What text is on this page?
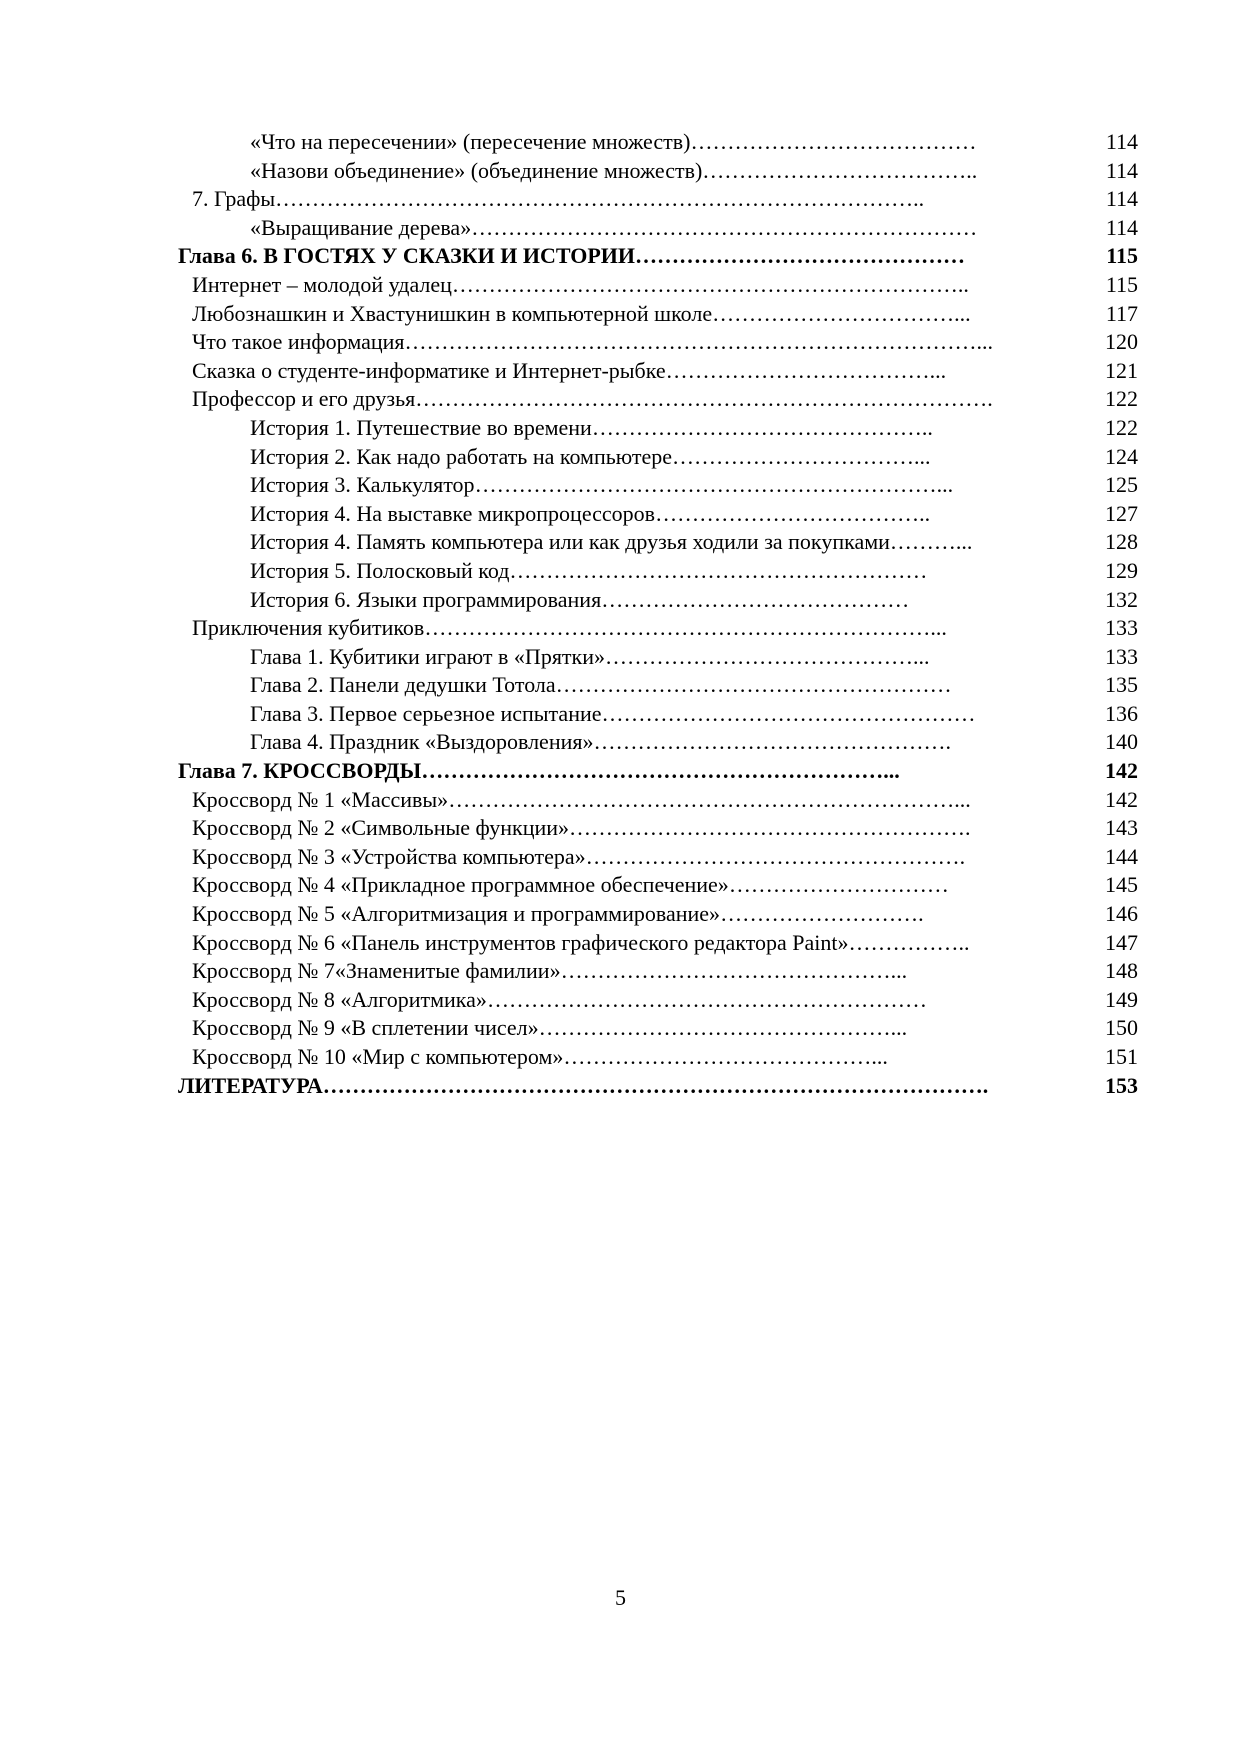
«Что на пересечении» (пересечение множеств)…………………………………	114
«Назови объединение» (объединение множеств)………………………………..	114
7. Графы……………………………………………………………………………..	114
«Выращивание дерева»……………………………………………………………	114
Глава 6. В ГОСТЯХ У СКАЗКИ И ИСТОРИИ………………………………………	115
Интернет – молодой удалец……………………………………………………………..	115
Любознашкин и Хвастунишкин в компьютерной школе……………………………...	117
Что такое информация……………………………………………………………………...	120
Сказка о студенте-информатике и Интернет-рыбке………………………………...	121
Профессор и его друзья…………………………………………………………………….	122
История 1. Путешествие во времени………………………………………..	122
История 2. Как надо работать на компьютере……………………………...	124
История 3. Калькулятор………………………………………………………...	125
История 4. На выставке микропроцессоров………………………………..	127
История 4. Память компьютера или как друзья ходили за покупками………...	128
История 5. Полосковый код…………………………………………………	129
История 6. Языки программирования……………………………………	132
Приключения кубитиков……………………………………………………………...	133
Глава 1. Кубитики играют в «Прятки»……………………………………...	133
Глава 2. Панели дедушки Тотола………………………………………………	135
Глава 3. Первое серьезное испытание……………………………………………	136
Глава 4. Праздник «Выздоровления»………………………………………….	140
Глава 7. КРОССВОРДЫ………………………………………………………...	142
Кроссворд № 1 «Массивы»……………………………………………………………...	142
Кроссворд № 2 «Символьные функции»……………………………………………….	143
Кроссворд № 3 «Устройства компьютера»…………………………………………….	144
Кроссворд № 4 «Прикладное программное обеспечение»…………………………	145
Кроссворд № 5 «Алгоритмизация и программирование»……………………….	146
Кроссворд № 6 «Панель инструментов графического редактора Paint»……………..	147
Кроссворд № 7«Знаменитые фамилии»………………………………………...	148
Кроссворд № 8 «Алгоритмика»……………………………………………………	149
Кроссворд № 9 «В сплетении чисел»…………………………………………...	150
Кроссворд № 10 «Мир с компьютером»……………………………………...	151
ЛИТЕРАТУРА……………………………………………………………………………….	153
5
